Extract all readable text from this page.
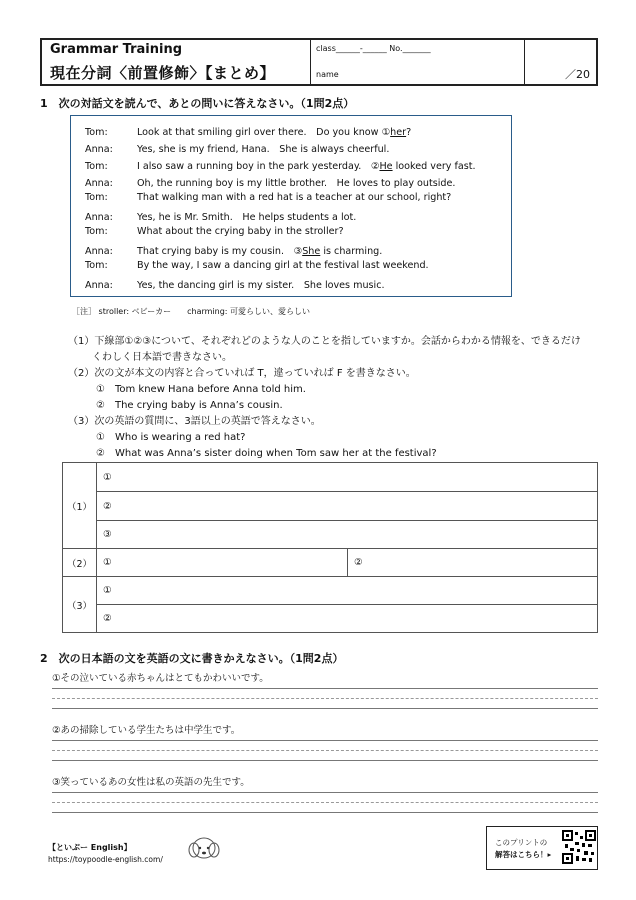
Grammar Training
現在分詞〈前置修飾〉【まとめ】
class______-______ No._______
name	／20
1　次の対話文を読んで、あとの問いに答えなさい。（1問2点）
Tom:	Look at that smiling girl over there.　Do you know ①her?
Anna:	Yes, she is my friend, Hana.　She is always cheerful.
Tom:	I also saw a running boy in the park yesterday.　②He looked very fast.
Anna:	Oh, the running boy is my little brother.　He loves to play outside.
Tom:	That walking man with a red hat is a teacher at our school, right?
Anna:	Yes, he is Mr. Smith.　He helps students a lot.
Tom:	What about the crying baby in the stroller?
Anna:	That crying baby is my cousin.　③She is charming.
Tom:	By the way, I saw a dancing girl at the festival last weekend.
Anna:	Yes, the dancing girl is my sister.　She loves music.
［注］ stroller: ベビーカー　　charming: 可愛らしい、愛らしい
（1）下線部①②③について、それぞれどのような人のことを指していますか。会話からわかる情報を、できるだけ
くわしく日本語で書きなさい。
（2）次の文が本文の内容と合っていれば T，違っていれば F を書きなさい。
①　Tom knew Hana before Anna told him.
②　The crying baby is Anna’s cousin.
（3）次の英語の質問に、3語以上の英語で答えなさい。
①　Who is wearing a red hat?
②　What was Anna’s sister doing when Tom saw her at the festival?
（1）	①	
	②	
	③	
（2）	①	②
（3）	①	
	②	
2　次の日本語の文を英語の文に書きかえなさい。（1問2点）
①その泣いている赤ちゃんはとてもかわいいです。
②あの掃除している学生たちは中学生です。
③笑っているあの女性は私の英語の先生です。
【といぷー English】
https://toypoodle-english.com/
このプリントの
解答はこちら！▸
